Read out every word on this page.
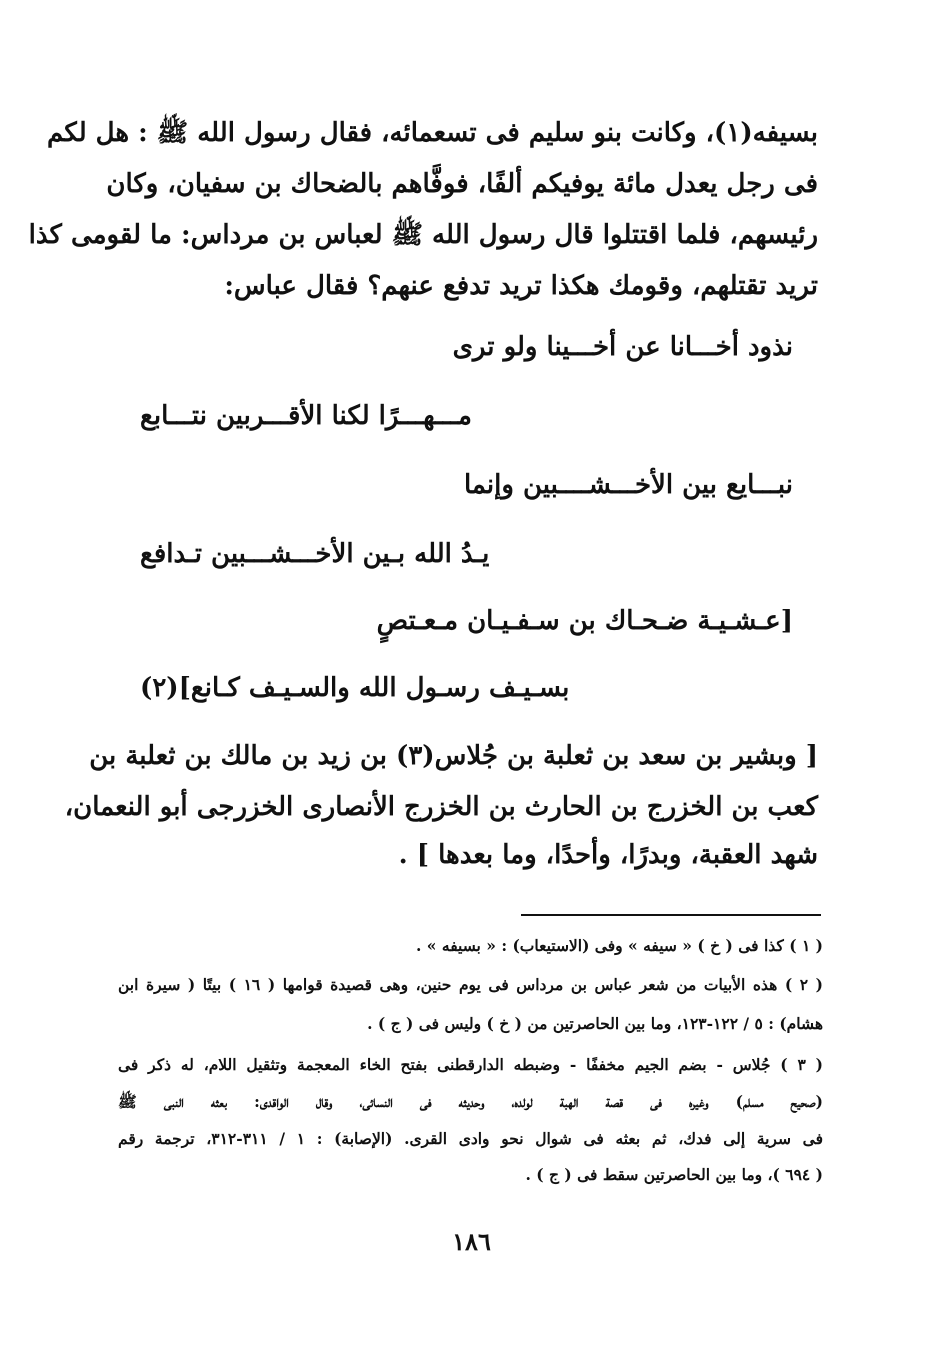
بسيفه(١)، وكانت بنو سليم فى تسعمائه، فقال رسول الله ﷺ : هل لكم
فى رجل يعدل مائة يوفيكم ألفًا، فوفَّاهم بالضحاك بن سفيان، وكان
رئيسهم، فلما اقتتلوا قال رسول الله ﷺ لعباس بن مرداس: ما لقومى كذا
تريد تقتلهم، وقومك هكذا تريد تدفع عنهم؟ فقال عباس:
نذود أخـــانا عن أخـــينا ولو ترى
مـــهـــرًا لكنا الأقـــربين نتـــابع
نبـــايع بين الأخـــشــــبين وإنما
يـدُ الله بـين الأخـــشـــبين تـدافع
[عـشـيـة ضـحـاك بن سـفـيـان مـعـتصٍ
بسـيـف رسـول الله والسـيـف كـانع](٢)
[ وبشير بن سعد بن ثعلبة بن جُلاس(٣) بن زيد بن مالك بن ثعلبة بن
كعب بن الخزرج بن الحارث بن الخزرج الأنصارى الخزرجى أبو النعمان،
شهد العقبة، وبدرًا، وأحدًا، وما بعدها ] .
( ١ ) كذا فى ( خ ) « سيفه » وفى (الاستيعاب) : « بسيفه » .
( ٢ ) هذه الأبيات من شعر عباس بن مرداس فى يوم حنين، وهى قصيدة قوامها ( ١٦ ) بيتًا ( سيرة ابن
هشام) : ٥ / ١٢٢-١٢٣، وما بين الحاصرتين من ( خ ) وليس فى ( ج ) .
( ٣ ) جُلاس - بضم الجيم مخففًا - وضبطه الدارقطنى بفتح الخاء المعجمة وتثقيل اللام، له ذكر فى
(صحيح مسلم) وغيره فى قصة الهبة لولده، وحديثه فى النسائى، وقال الواقدى: بعثه النبى ﷺ
فى سرية إلى فدك، ثم بعثه فى شوال نحو وادى القرى. (الإصابة) : ١ / ٣١١-٣١٢، ترجمة رقم
( ٦٩٤ )، وما بين الحاصرتين سقط فى ( ج ) .
١٨٦
